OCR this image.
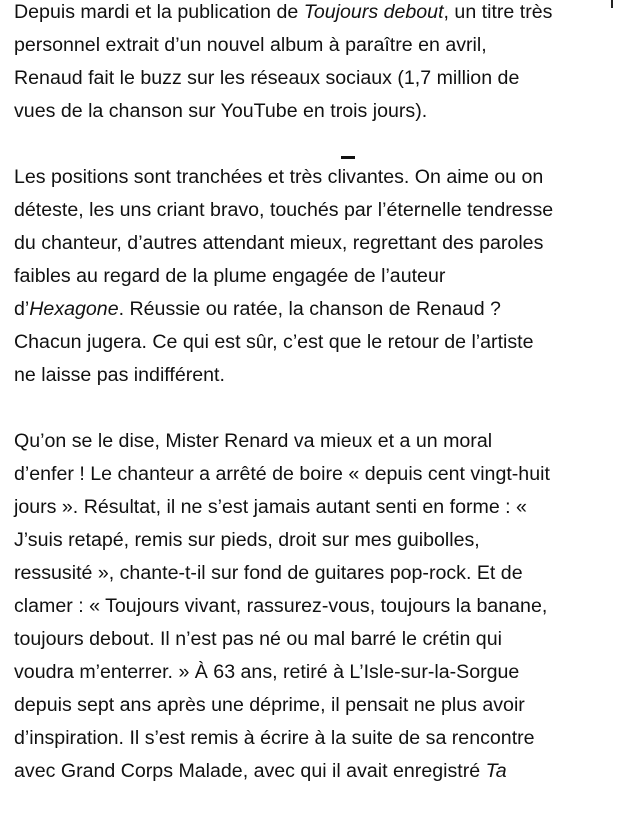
Depuis mardi et la publication de Toujours debout, un titre très
personnel extrait d’un nouvel album à paraître en avril,
Renaud fait le buzz sur les réseaux sociaux (1,7 million de
vues de la chanson sur YouTube en trois jours).

Les positions sont tranchées et très clivantes. On aime ou on
déteste, les uns criant bravo, touchés par l’éternelle tendresse
du chanteur, d’autres attendant mieux, regrettant des paroles
faibles au regard de la plume engagée de l’auteur
d’Hexagone. Réussie ou ratée, la chanson de Renaud ?
Chacun jugera. Ce qui est sûr, c’est que le retour de l’artiste
ne laisse pas indifférent.

Qu’on se le dise, Mister Renard va mieux et a un moral
d’enfer ! Le chanteur a arrêté de boire « depuis cent vingt-huit
jours ». Résultat, il ne s’est jamais autant senti en forme : «
J’suis retapé, remis sur pieds, droit sur mes guibolles,
ressusité », chante-t-il sur fond de guitares pop-rock. Et de
clamer : « Toujours vivant, rassurez-vous, toujours la banane,
toujours debout. Il n’est pas né ou mal barré le crétin qui
voudra m’enterrer. » À 63 ans, retiré à L’Isle-sur-la-Sorgue
depuis sept ans après une déprime, il pensait ne plus avoir
d’inspiration. Il s’est remis à écrire à la suite de sa rencontre
avec Grand Corps Malade, avec qui il avait enregistré Ta
